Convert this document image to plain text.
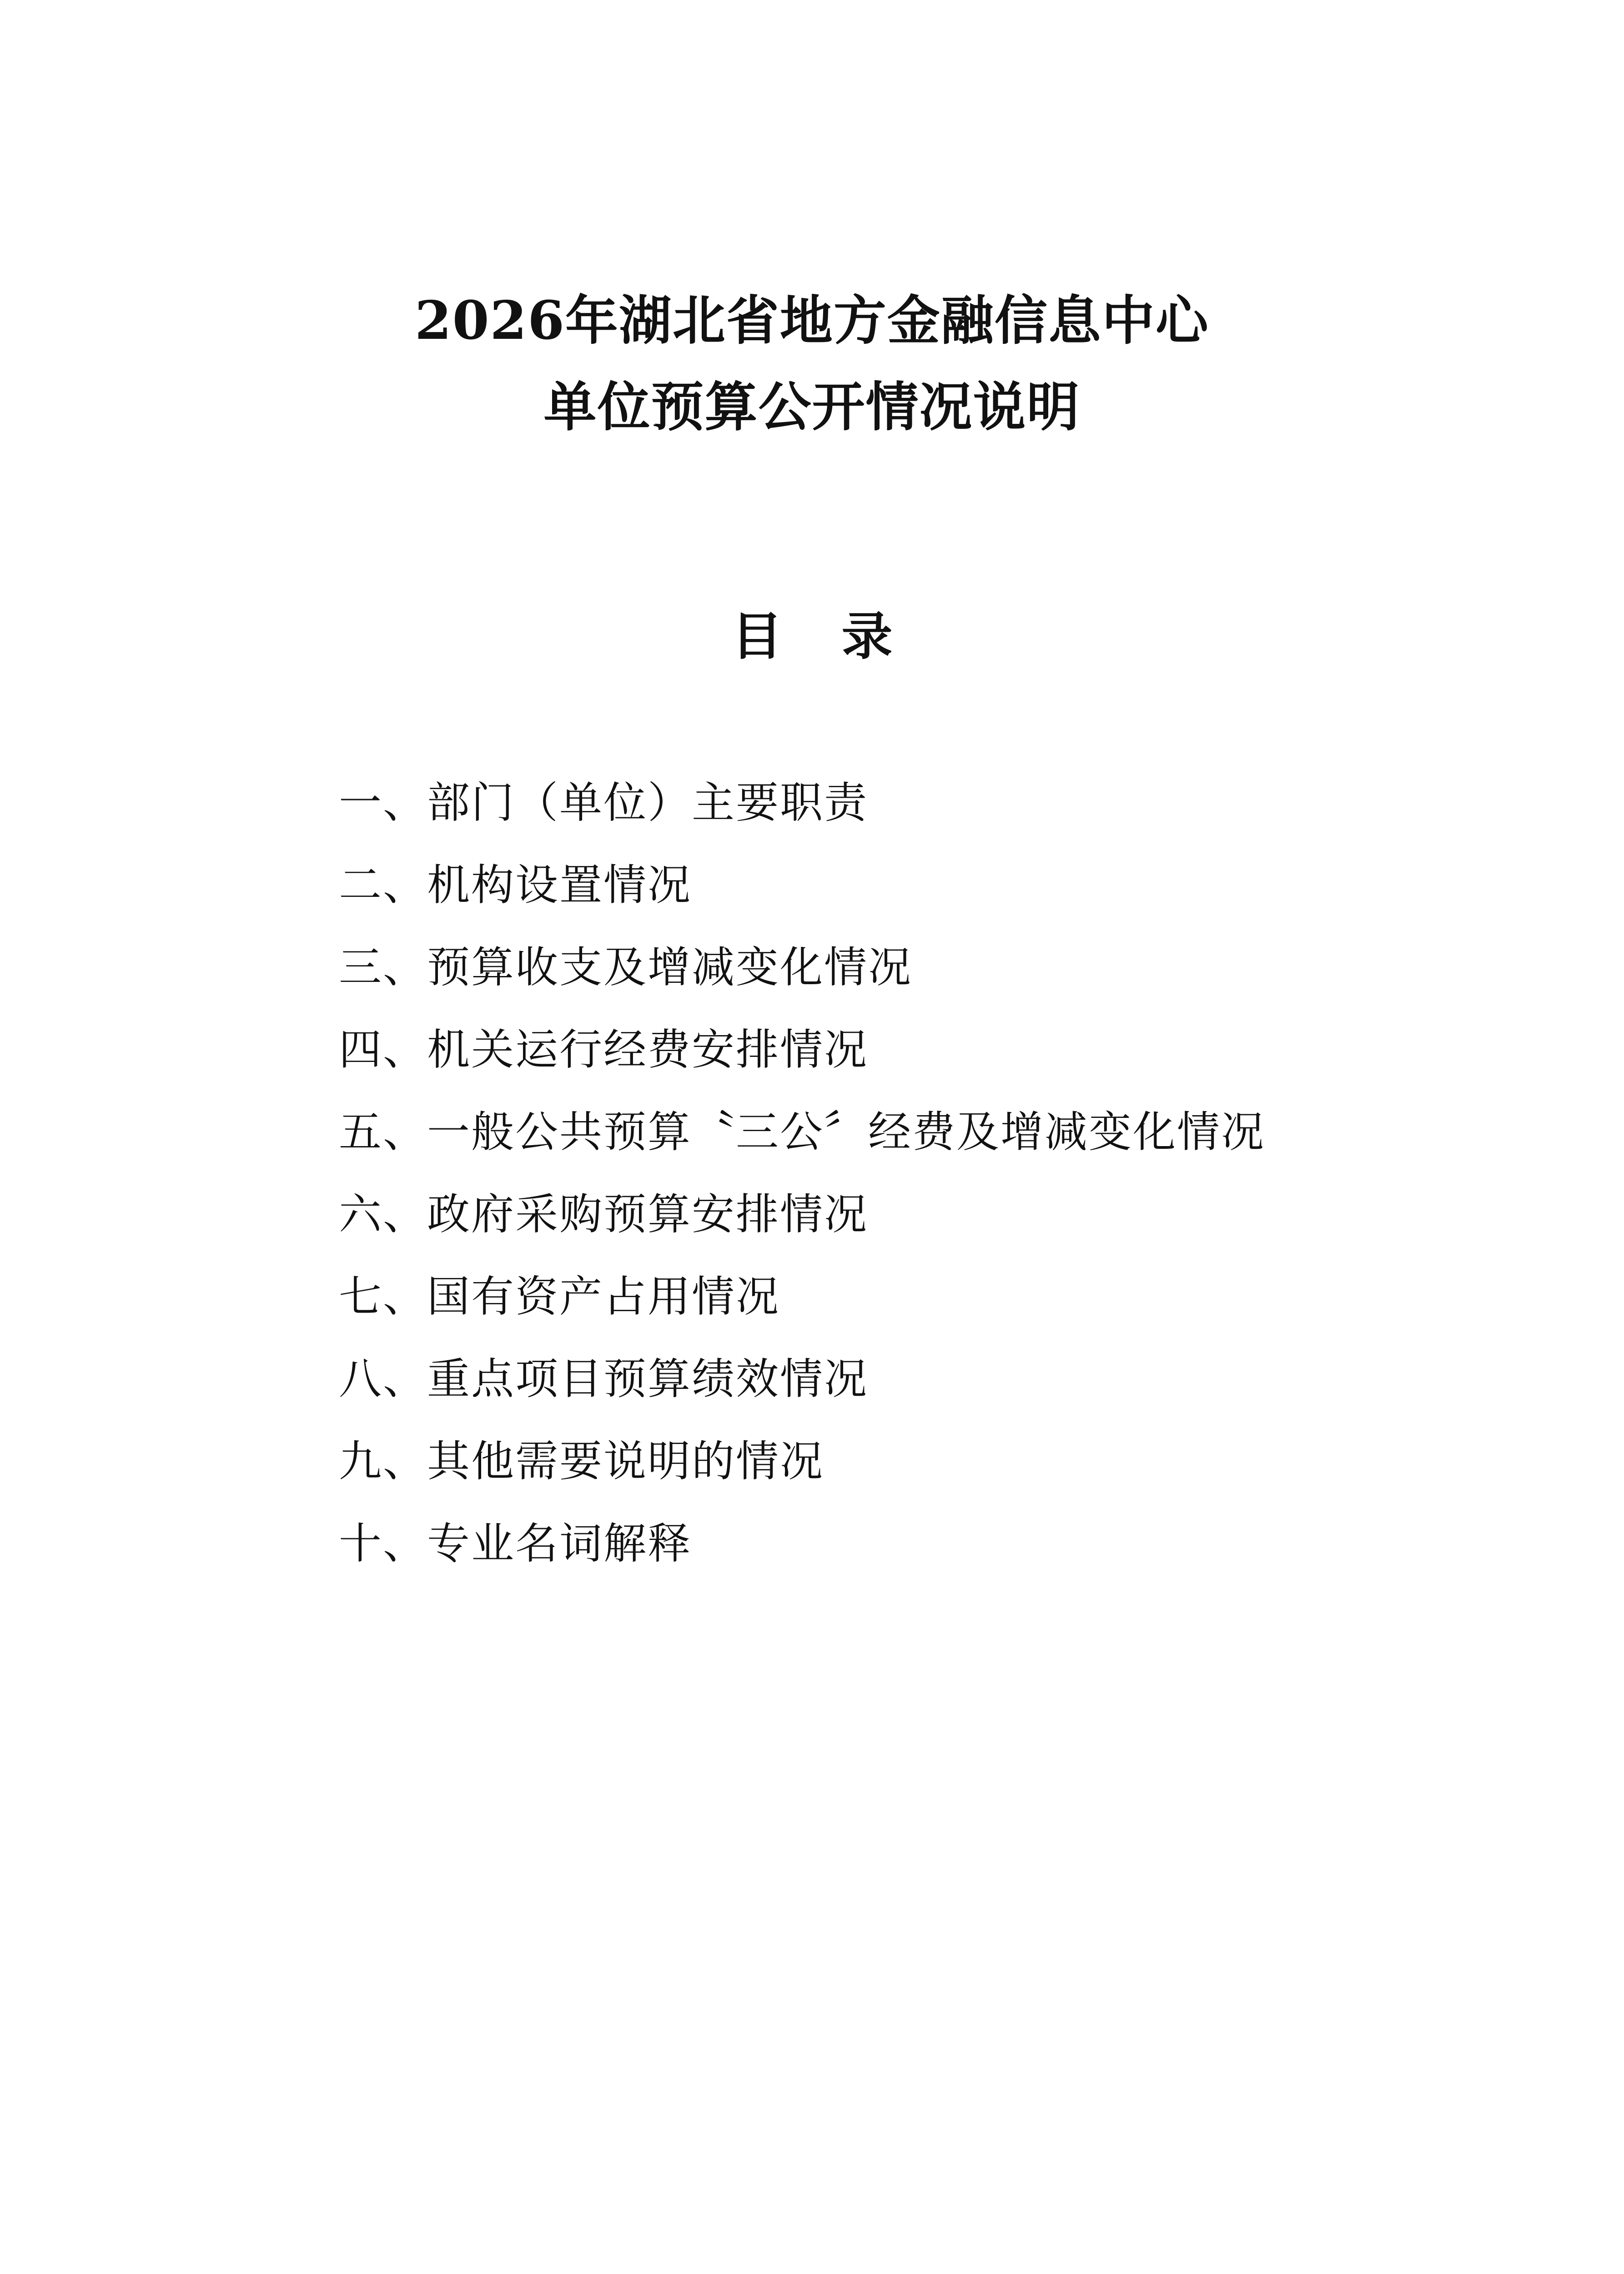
2026年湖北省地方金融信息中心
单位预算公开情况说明
目录
一、部门（单位）主要职责
二、机构设置情况
三、预算收支及增减变化情况
四、机关运行经费安排情况
五、一般公共预算〝三公〞经费及增减变化情况
六、政府采购预算安排情况
七、国有资产占用情况
八、重点项目预算绩效情况
九、其他需要说明的情况
十、专业名词解释
